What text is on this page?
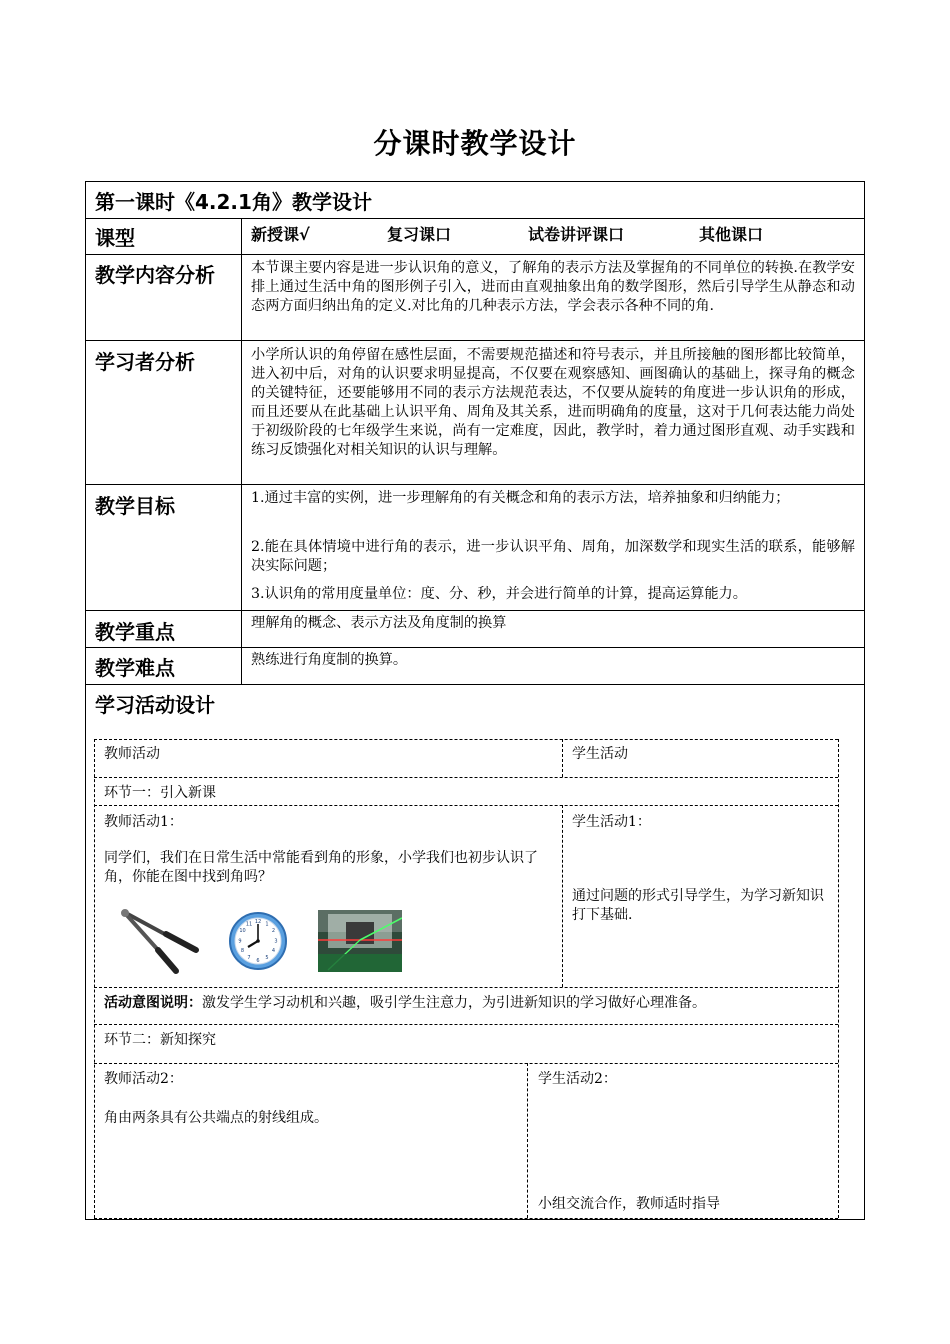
分课时教学设计
第一课时《4.2.1角》教学设计
课型	新授课√	复习课口	试卷讲评课口	其他课口
教学内容分析	本节课主要内容是进一步认识角的意义，了解角的表示方法及掌握角的不同单位的转换.在教学安排上通过生活中角的图形例子引入，进而由直观抽象出角的数学图形，然后引导学生从静态和动态两方面归纳出角的定义.对比角的几种表示方法，学会表示各种不同的角.
学习者分析	小学所认识的角停留在感性层面，不需要规范描述和符号表示，并且所接触的图形都比较简单，进入初中后，对角的认识要求明显提高，不仅要在观察感知、画图确认的基础上，探寻角的概念的关键特征，还要能够用不同的表示方法规范表达，不仅要从旋转的角度进一步认识角的形成，而且还要从在此基础上认识平角、周角及其关系，进而明确角的度量，这对于几何表达能力尚处于初级阶段的七年级学生来说，尚有一定难度，因此，教学时，着力通过图形直观、动手实践和练习反馈强化对相关知识的认识与理解。
教学目标	1.通过丰富的实例，进一步理解角的有关概念和角的表示方法，培养抽象和归纳能力；
2.能在具体情境中进行角的表示，进一步认识平角、周角，加深数学和现实生活的联系，能够解决实际问题；
3.认识角的常用度量单位：度、分、秒，并会进行简单的计算，提高运算能力。
教学重点	理解角的概念、表示方法及角度制的换算
教学难点	熟练进行角度制的换算。
学习活动设计
教师活动	学生活动
环节一：引入新课
教师活动1：
同学们，我们在日常生活中常能看到角的形象，小学我们也初步认识了角，你能在图中找到角吗？
学生活动1：
通过问题的形式引导学生，为学习新知识打下基础.
12 1
2
3
4
5
6
7
8
9
10
11
活动意图说明：激发学生学习动机和兴趣，吸引学生注意力，为引进新知识的学习做好心理准备。
环节二：新知探究
教师活动2：
角由两条具有公共端点的射线组成。
学生活动2：
小组交流合作，教师适时指导
